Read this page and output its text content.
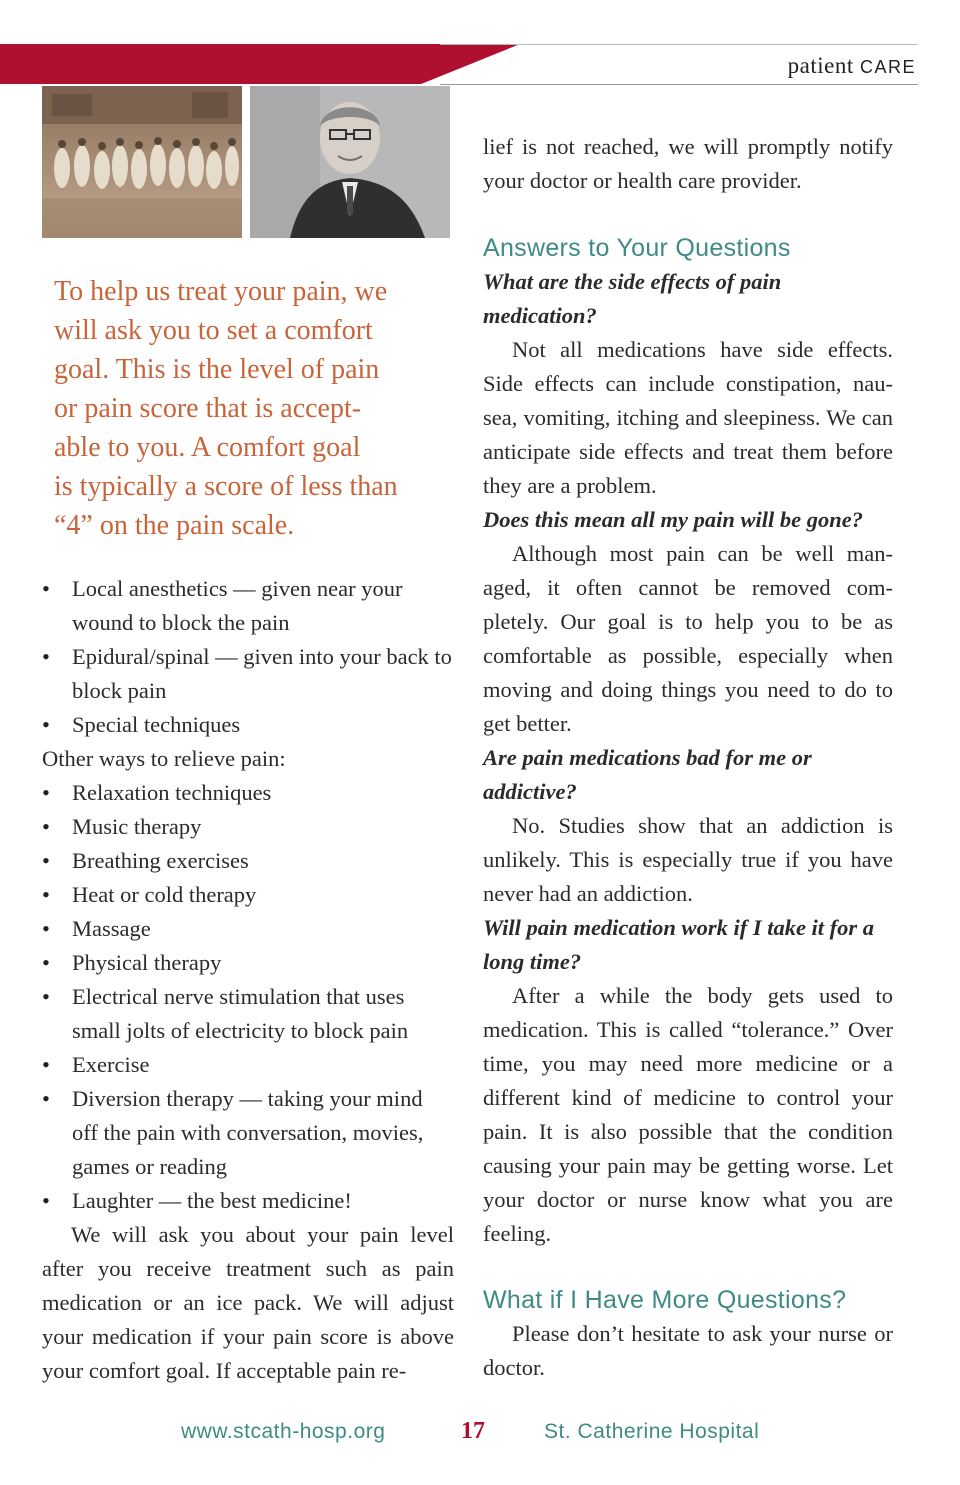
patient CARE
To help us treat your pain, we
will ask you to set a comfort
goal. This is the level of pain
or pain score that is accept-
able to you. A comfort goal
is typically a score of less than
“4” on the pain scale.
• Local anesthetics — given near your wound to block the pain
• Epidural/spinal — given into your back to block pain
• Special techniques

Other ways to relieve pain:

• Relaxation techniques
• Music therapy
• Breathing exercises
• Heat or cold therapy
• Massage
• Physical therapy
• Electrical nerve stimulation that uses small jolts of electricity to block pain
• Exercise
• Diversion therapy — taking your mind off the pain with conversation, movies, games or reading
• Laughter — the best medicine!

We will ask you about your pain level after you receive treatment such as pain medication or an ice pack. We will adjust your medication if your pain score is above your comfort goal. If acceptable pain re-

lief is not reached, we will promptly notify your doctor or health care provider.

Answers to Your Questions

What are the side effects of pain medication?

Not all medications have side effects. Side effects can include constipation, nau-sea, vomiting, itching and sleepiness. We can anticipate side effects and treat them before they are a problem.

Does this mean all my pain will be gone?

Although most pain can be well man-aged, it often cannot be removed com-pletely. Our goal is to help you to be as comfortable as possible, especially when moving and doing things you need to do to get better.

Are pain medications bad for me or addictive?

No. Studies show that an addiction is unlikely. This is especially true if you have never had an addiction.

Will pain medication work if I take it for a long time?

After a while the body gets used to medication. This is called “tolerance.” Over time, you may need more medicine or a different kind of medicine to control your pain. It is also possible that the condition causing your pain may be getting worse. Let your doctor or nurse know what you are feeling.

What if I Have More Questions?

Please don’t hesitate to ask your nurse or doctor.

www.stcath-hosp.org	17	St. Catherine Hospital
